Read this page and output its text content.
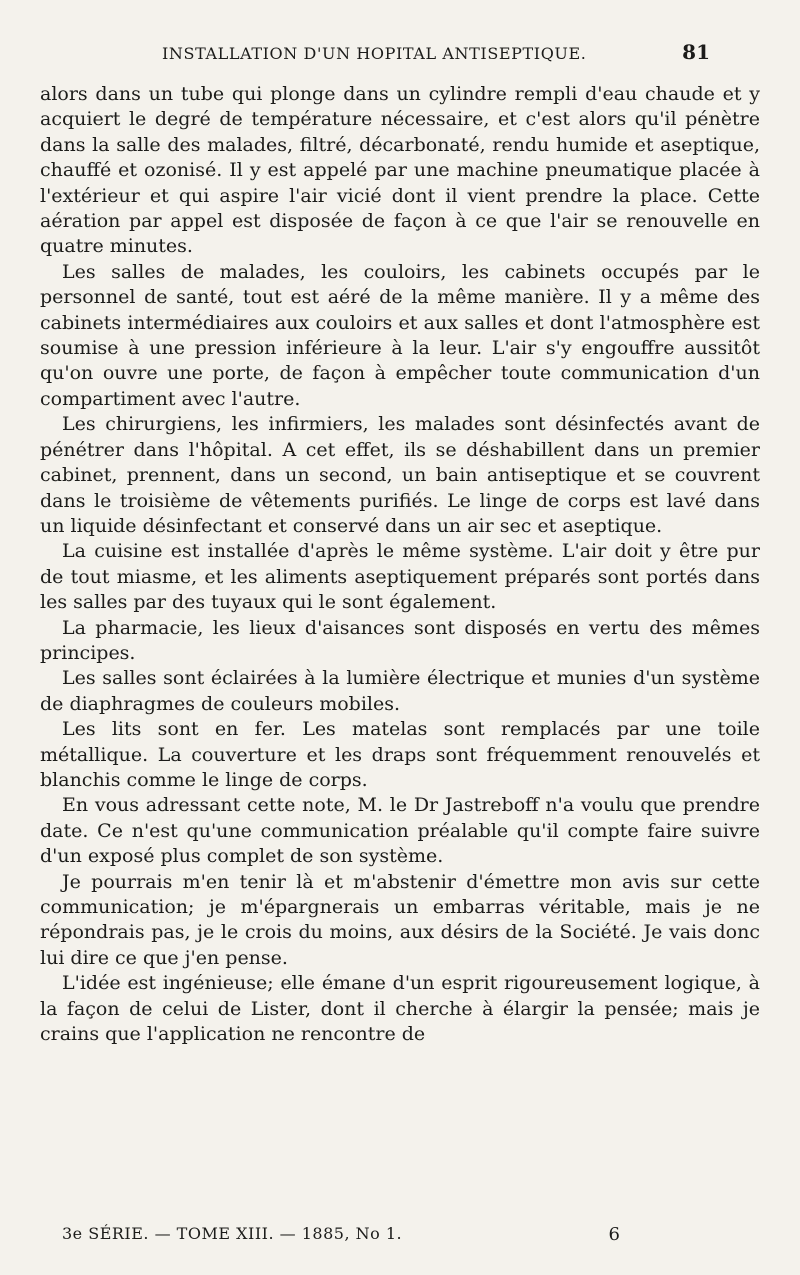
INSTALLATION D'UN HOPITAL ANTISEPTIQUE.	81

alors dans un tube qui plonge dans un cylindre rempli d'eau chaude et y acquiert le degré de température nécessaire, et c'est alors qu'il pénètre dans la salle des malades, filtré, décarbonaté, rendu humide et aseptique, chauffé et ozonisé. Il y est appelé par une machine pneumatique placée à l'extérieur et qui aspire l'air vicié dont il vient prendre la place. Cette aération par appel est disposée de façon à ce que l'air se renouvelle en quatre minutes.

Les salles de malades, les couloirs, les cabinets occupés par le personnel de santé, tout est aéré de la même manière. Il y a même des cabinets intermédiaires aux couloirs et aux salles et dont l'atmosphère est soumise à une pression inférieure à la leur. L'air s'y engouffre aussitôt qu'on ouvre une porte, de façon à empêcher toute communication d'un compartiment avec l'autre.

Les chirurgiens, les infirmiers, les malades sont désinfectés avant de pénétrer dans l'hôpital. A cet effet, ils se déshabillent dans un premier cabinet, prennent, dans un second, un bain antiseptique et se couvrent dans le troisième de vêtements purifiés. Le linge de corps est lavé dans un liquide désinfectant et conservé dans un air sec et aseptique.

La cuisine est installée d'après le même système. L'air doit y être pur de tout miasme, et les aliments aseptiquement préparés sont portés dans les salles par des tuyaux qui le sont également.

La pharmacie, les lieux d'aisances sont disposés en vertu des mêmes principes.

Les salles sont éclairées à la lumière électrique et munies d'un système de diaphragmes de couleurs mobiles.

Les lits sont en fer. Les matelas sont remplacés par une toile métallique. La couverture et les draps sont fréquemment renouvelés et blanchis comme le linge de corps.

En vous adressant cette note, M. le Dr Jastreboff n'a voulu que prendre date. Ce n'est qu'une communication préalable qu'il compte faire suivre d'un exposé plus complet de son système.

Je pourrais m'en tenir là et m'abstenir d'émettre mon avis sur cette communication; je m'épargnerais un embarras véritable, mais je ne répondrais pas, je le crois du moins, aux désirs de la Société. Je vais donc lui dire ce que j'en pense.

L'idée est ingénieuse; elle émane d'un esprit rigoureusement logique, à la façon de celui de Lister, dont il cherche à élargir la pensée; mais je crains que l'application ne rencontre de

3e SÉRIE. — TOME XIII. — 1885, No 1.	6
